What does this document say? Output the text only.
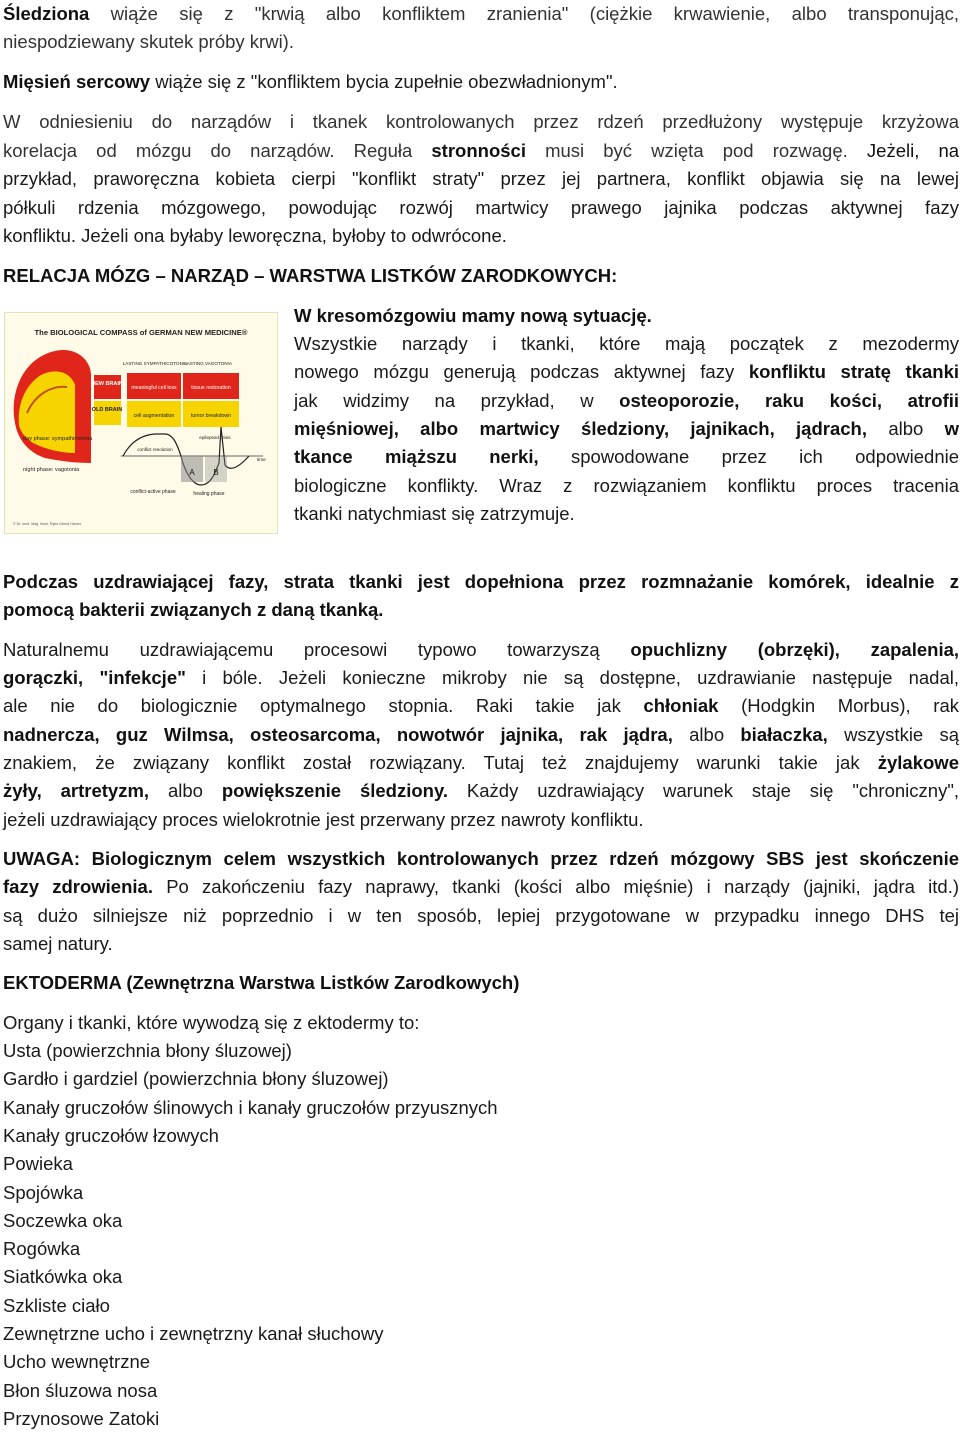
Śledziona wiąże się z "krwią albo konfliktem zranienia" (ciężkie krwawienie, albo transponując,

niespodziewany skutek próby krwi).

Mięsień sercowy wiąże się z "konfliktem bycia zupełnie obezwładnionym".

W odniesieniu do narządów i tkanek kontrolowanych przez rdzeń przedłużony występuje krzyżowa

korelacja od mózgu do narządów. Reguła stronności musi być wzięta pod rozwagę. Jeżeli, na

przykład, praworęczna kobieta cierpi "konflikt straty" przez jej partnera, konflikt objawia się na lewej

półkuli rdzenia mózgowego, powodując rozwój martwicy prawego jajnika podczas aktywnej fazy

konfliktu. Jeżeli ona byłaby leworęczna, byłoby to odwrócone.

RELACJA MÓZG – NARZĄD – WARSTWA LISTKÓW ZARODKOWYCH:

The BIOLOGICAL COMPASS of GERMAN NEW MEDICINE®
NEW BRAIN
OLD BRAIN
LASTING SYMPATHICOTONIA
LASTING VAGOTONIA
meaningful cell loss	tissue restoration
cell augmentation	tumor breakdown
day phase: sympathicotonia
night phase: vagotonia	A B
epileptoid crisis
conflict resolution
time
conflict-active phase	healing phase
© Dr. med. Mag. theol. Ryke Geerd Hamer

W kresomózgowiu mamy nową sytuację.

Wszystkie narządy i tkanki, które mają początek z mezodermy

nowego mózgu generują podczas aktywnej fazy konfliktu stratę tkanki

jak widzimy na przykład, w osteoporozie, raku kości, atrofii

mięśniowej, albo martwicy śledziony, jajnikach, jądrach, albo w

tkance miąższu nerki, spowodowane przez ich odpowiednie

biologiczne konflikty. Wraz z rozwiązaniem konfliktu proces tracenia

tkanki natychmiast się zatrzymuje.

Podczas uzdrawiającej fazy, strata tkanki jest dopełniona przez rozmnażanie komórek, idealnie z

pomocą bakterii związanych z daną tkanką.

Naturalnemu uzdrawiającemu procesowi typowo towarzyszą opuchlizny (obrzęki), zapalenia,

gorączki, "infekcje" i bóle. Jeżeli konieczne mikroby nie są dostępne, uzdrawianie następuje nadal,

ale nie do biologicznie optymalnego stopnia. Raki takie jak chłoniak (Hodgkin Morbus), rak

nadnercza, guz Wilmsa, osteosarcoma, nowotwór jajnika, rak jądra, albo białaczka, wszystkie są

znakiem, że związany konflikt został rozwiązany. Tutaj też znajdujemy warunki takie jak żylakowe

żyły, artretyzm, albo powiększenie śledziony. Każdy uzdrawiający warunek staje się "chroniczny",

jeżeli uzdrawiający proces wielokrotnie jest przerwany przez nawroty konfliktu.

UWAGA: Biologicznym celem wszystkich kontrolowanych przez rdzeń mózgowy SBS jest skończenie

fazy zdrowienia. Po zakończeniu fazy naprawy, tkanki (kości albo mięśnie) i narządy (jajniki, jądra itd.)

są dużo silniejsze niż poprzednio i w ten sposób, lepiej przygotowane w przypadku innego DHS tej

samej natury.

EKTODERMA (Zewnętrzna Warstwa Listków Zarodkowych)

Organy i tkanki, które wywodzą się z ektodermy to:

Usta (powierzchnia błony śluzowej)

Gardło i gardziel (powierzchnia błony śluzowej)

Kanały gruczołów ślinowych i kanały gruczołów przyusznych

Kanały gruczołów łzowych

Powieka

Spojówka

Soczewka oka

Rogówka

Siatkówka oka

Szkliste ciało

Zewnętrzne ucho i zewnętrzny kanał słuchowy

Ucho wewnętrzne

Błon śluzowa nosa

Przynosowe Zatoki
